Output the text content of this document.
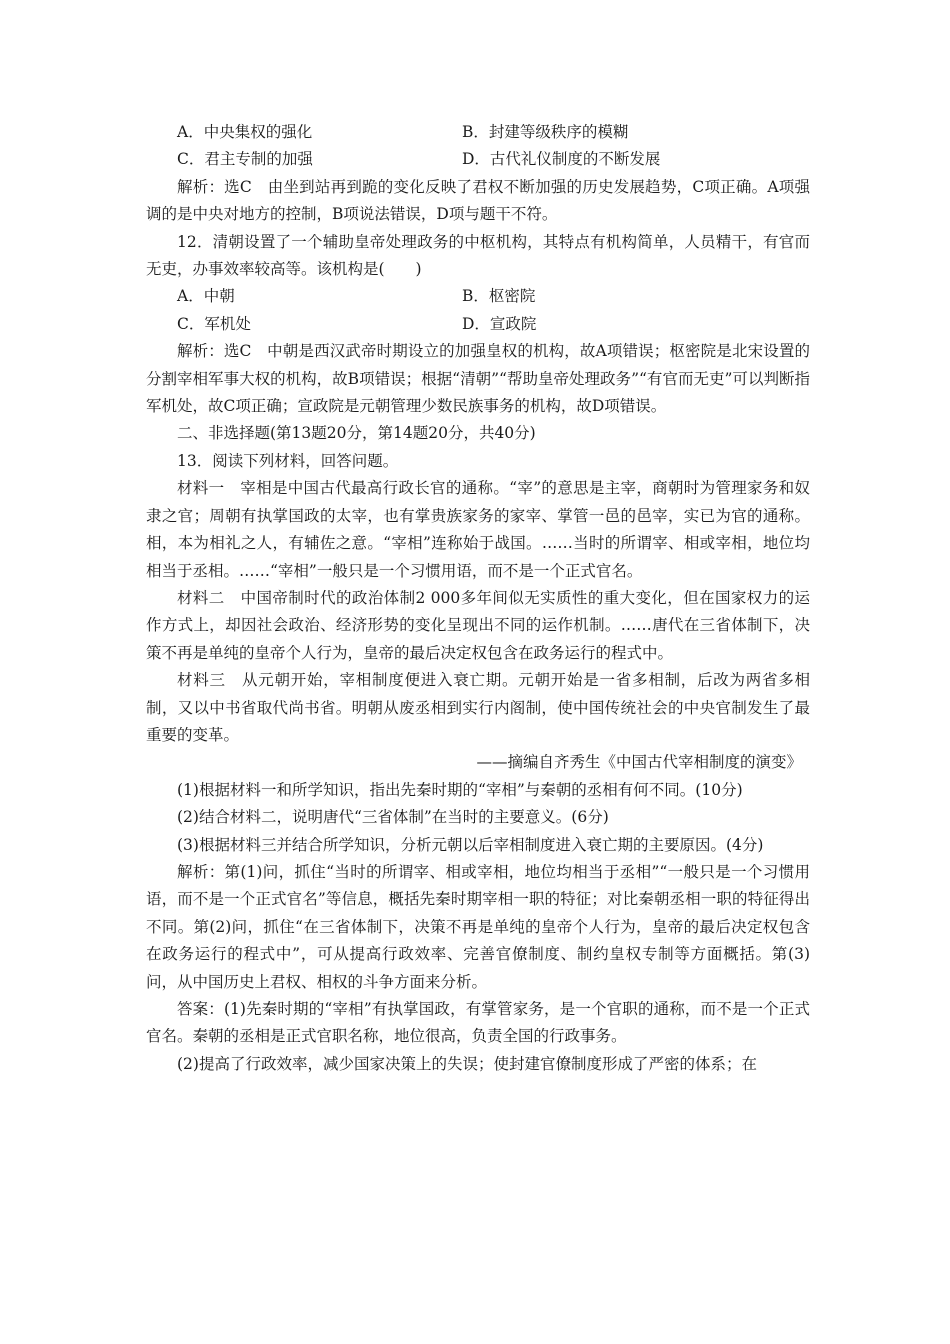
A．中央集权的强化	B．封建等级秩序的模糊
C．君主专制的加强	D．古代礼仪制度的不断发展

解析：选C　由坐到站再到跪的变化反映了君权不断加强的历史发展趋势，C项正确。A项强调的是中央对地方的控制，B项说法错误，D项与题干不符。

12．清朝设置了一个辅助皇帝处理政务的中枢机构，其特点有机构简单，人员精干，有官而无吏，办事效率较高等。该机构是(　　)

A．中朝	B．枢密院
C．军机处	D．宣政院

解析：选C　中朝是西汉武帝时期设立的加强皇权的机构，故A项错误；枢密院是北宋设置的分割宰相军事大权的机构，故B项错误；根据“清朝”“帮助皇帝处理政务”“有官而无吏”可以判断指军机处，故C项正确；宣政院是元朝管理少数民族事务的机构，故D项错误。

二、非选择题(第13题20分，第14题20分，共40分)

13．阅读下列材料，回答问题。

材料一　宰相是中国古代最高行政长官的通称。“宰”的意思是主宰，商朝时为管理家务和奴隶之官；周朝有执掌国政的太宰，也有掌贵族家务的家宰、掌管一邑的邑宰，实已为官的通称。相，本为相礼之人，有辅佐之意。“宰相”连称始于战国。……当时的所谓宰、相或宰相，地位均相当于丞相。……“宰相”一般只是一个习惯用语，而不是一个正式官名。

材料二　中国帝制时代的政治体制2 000多年间似无实质性的重大变化，但在国家权力的运作方式上，却因社会政治、经济形势的变化呈现出不同的运作机制。……唐代在三省体制下，决策不再是单纯的皇帝个人行为，皇帝的最后决定权包含在政务运行的程式中。

材料三　从元朝开始，宰相制度便进入衰亡期。元朝开始是一省多相制，后改为两省多相制，又以中书省取代尚书省。明朝从废丞相到实行内阁制，使中国传统社会的中央官制发生了最重要的变革。

——摘编自齐秀生《中国古代宰相制度的演变》

(1)根据材料一和所学知识，指出先秦时期的“宰相”与秦朝的丞相有何不同。(10分)

(2)结合材料二，说明唐代“三省体制”在当时的主要意义。(6分)

(3)根据材料三并结合所学知识，分析元朝以后宰相制度进入衰亡期的主要原因。(4分)

解析：第(1)问，抓住“当时的所谓宰、相或宰相，地位均相当于丞相”“一般只是一个习惯用语，而不是一个正式官名”等信息，概括先秦时期宰相一职的特征；对比秦朝丞相一职的特征得出不同。第(2)问，抓住“在三省体制下，决策不再是单纯的皇帝个人行为，皇帝的最后决定权包含在政务运行的程式中”，可从提高行政效率、完善官僚制度、制约皇权专制等方面概括。第(3)问，从中国历史上君权、相权的斗争方面来分析。

答案：(1)先秦时期的“宰相”有执掌国政，有掌管家务，是一个官职的通称，而不是一个正式官名。秦朝的丞相是正式官职名称，地位很高，负责全国的行政事务。

(2)提高了行政效率，减少国家决策上的失误；使封建官僚制度形成了严密的体系；在
